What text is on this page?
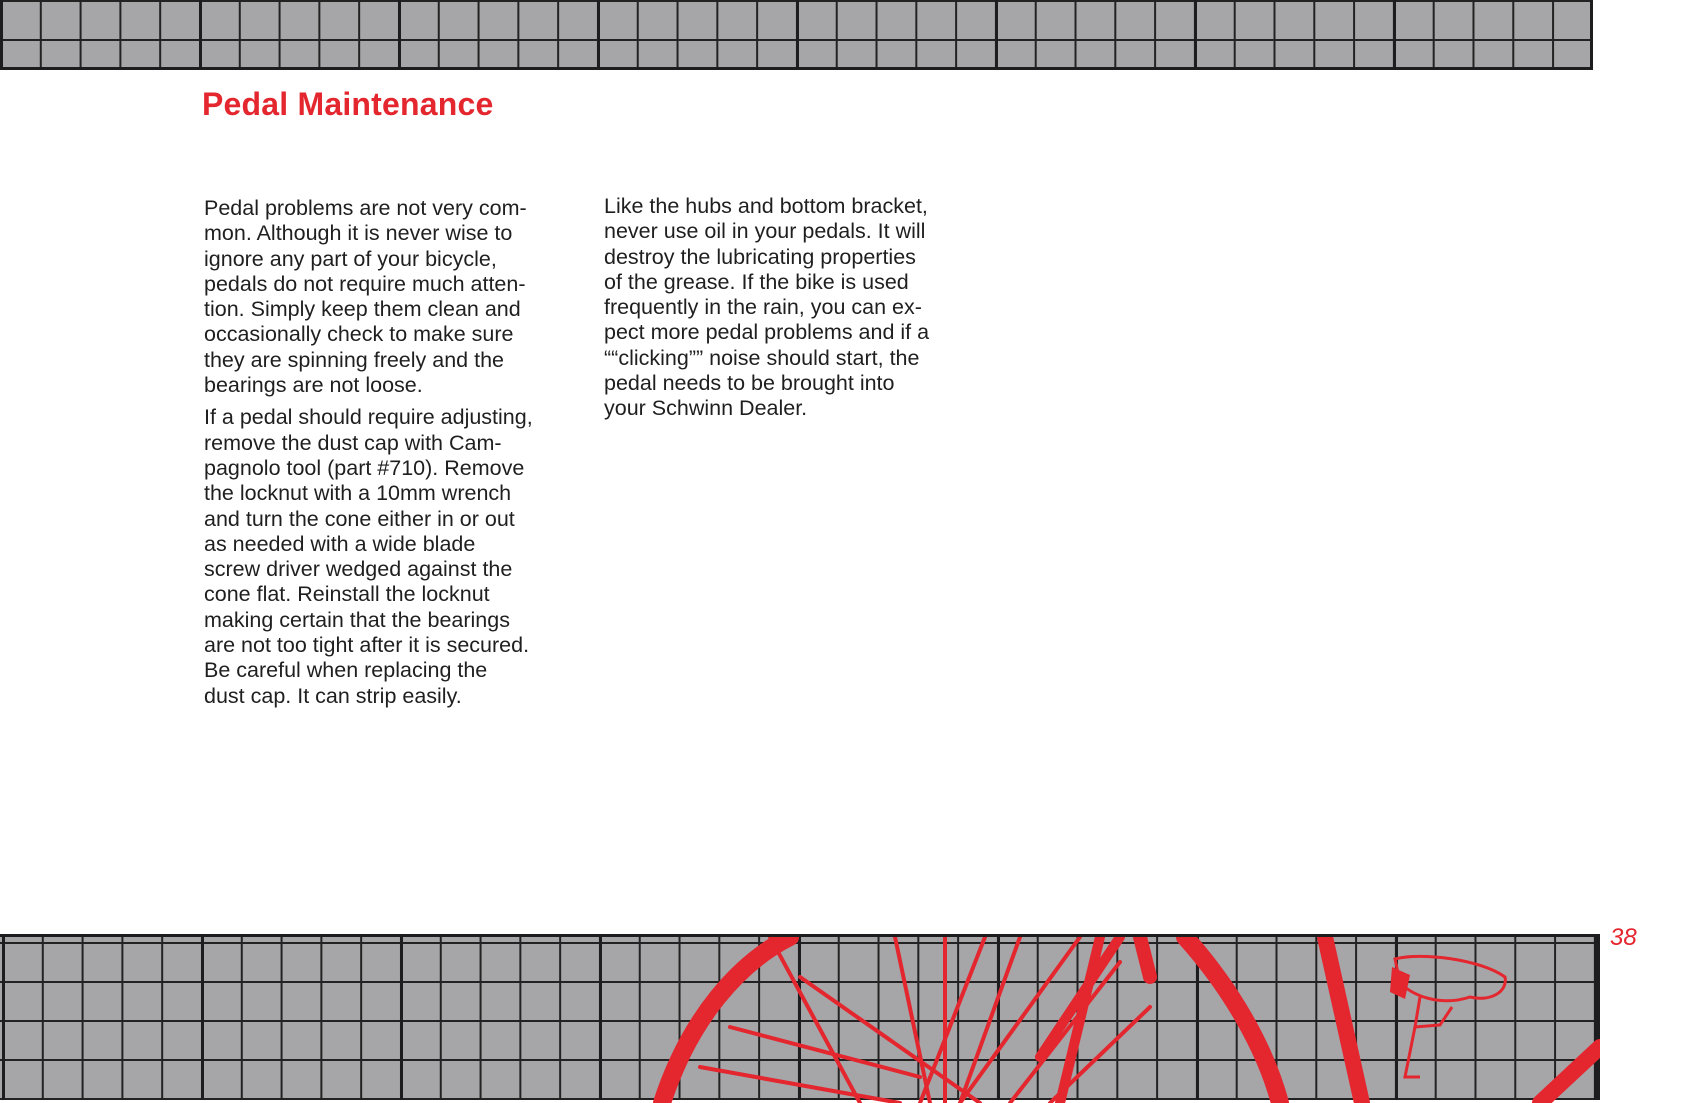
Pedal Maintenance

Pedal problems are not very com-
mon. Although it is never wise to
ignore any part of your bicycle,
pedals do not require much atten-
tion. Simply keep them clean and
occasionally check to make sure
they are spinning freely and the
bearings are not loose.

If a pedal should require adjusting,
remove the dust cap with Cam-
pagnolo tool (part #710). Remove
the locknut with a 10mm wrench
and turn the cone either in or out
as needed with a wide blade
screw driver wedged against the
cone flat. Reinstall the locknut
making certain that the bearings
are not too tight after it is secured.
Be careful when replacing the
dust cap. It can strip easily.

Like the hubs and bottom bracket,
never use oil in your pedals. It will
destroy the lubricating properties
of the grease. If the bike is used
frequently in the rain, you can ex-
pect more pedal problems and if a
““clicking”” noise should start, the
pedal needs to be brought into
your Schwinn Dealer.

38
